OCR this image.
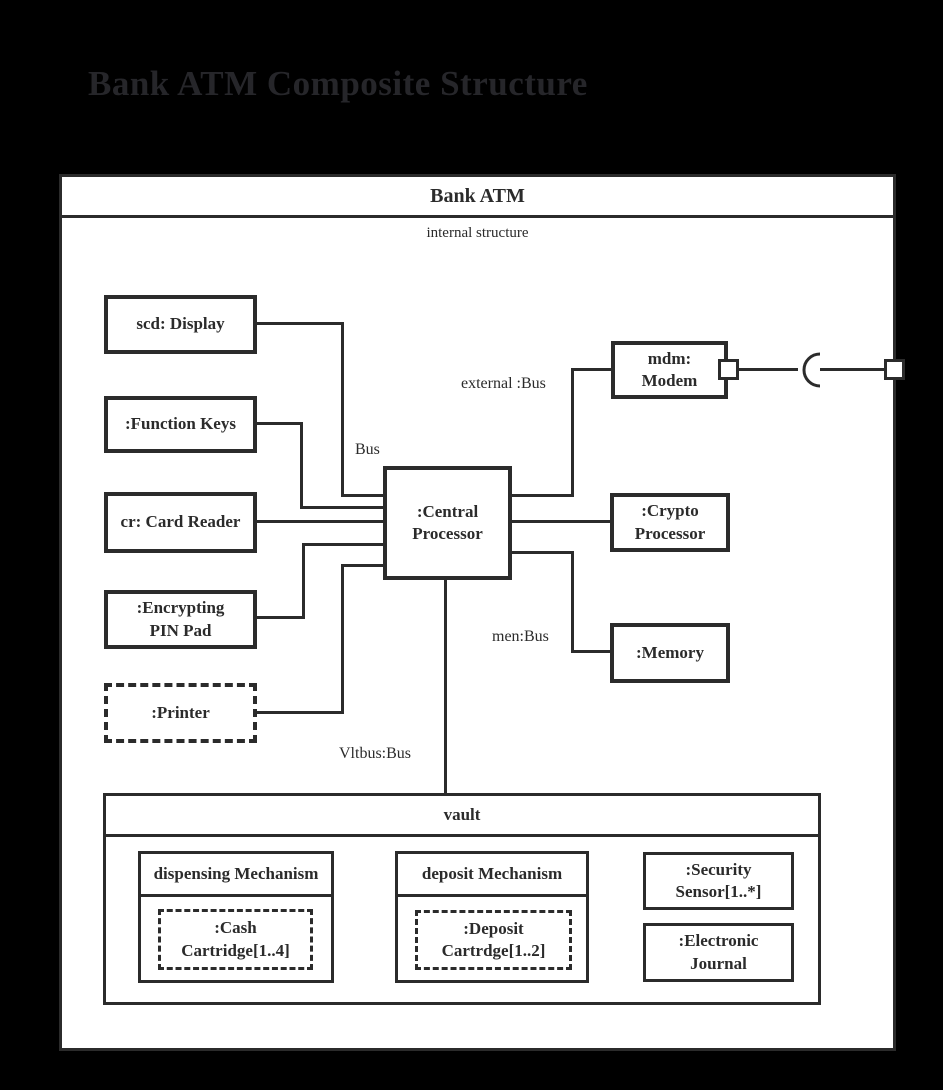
Bank ATM Composite Structure
Bank ATM
internal structure
scd: Display
:Function Keys
cr: Card Reader
:Encrypting
PIN Pad
:Printer
:Central
Processor
mdm:
Modem
:Crypto
Processor
:Memory
Bus
external :Bus
men:Bus
Vltbus:Bus
vault
dispensing Mechanism
:Cash
Cartridge[1..4]
deposit Mechanism
:Deposit
Cartrdge[1..2]
:Security
Sensor[1..*]
:Electronic
Journal
